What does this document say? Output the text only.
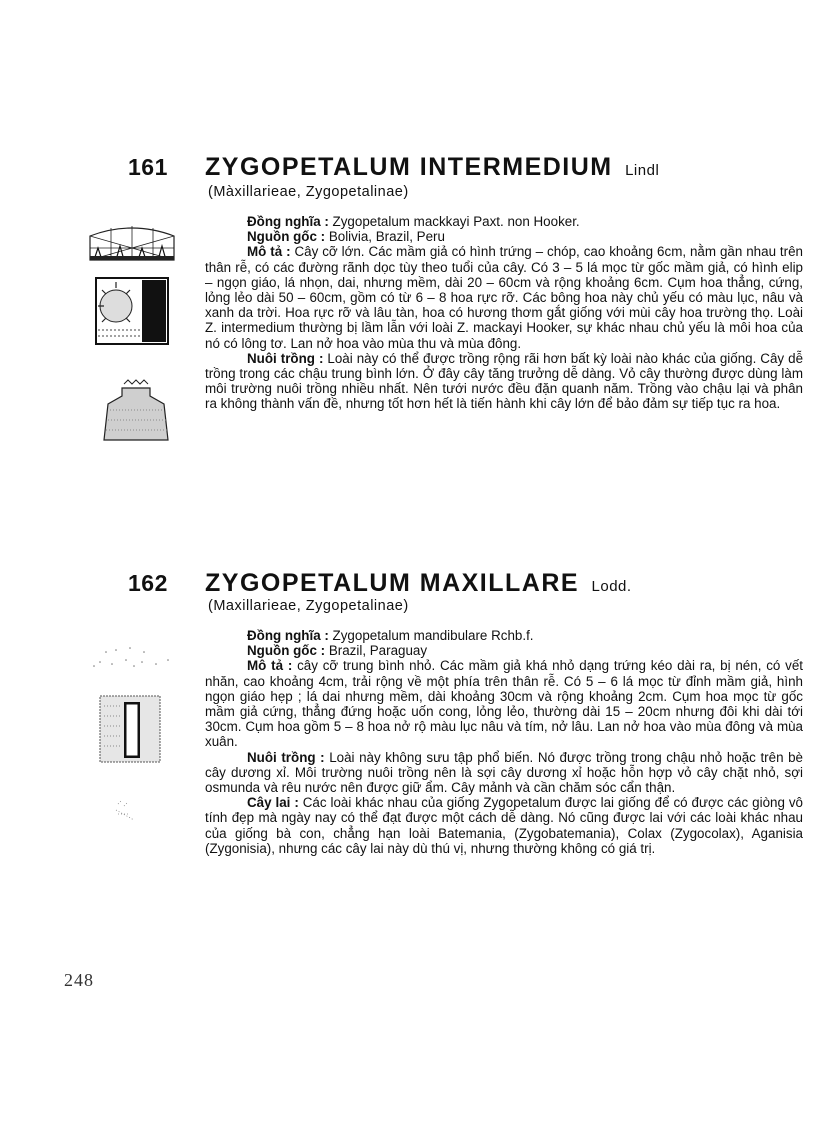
161 ZYGOPETALUM INTERMEDIUM Lindl
(Màxillarieae, Zygopetalinae)

Đồng nghĩa : Zygopetalum mackkayi Paxt. non Hooker.

Nguồn gốc : Bolivia, Brazil, Peru

Mô tả : Cây cỡ lớn. Các mầm giả có hình trứng – chóp, cao khoảng 6cm, nằm gần nhau trên thân rễ, có các đường rãnh dọc tùy theo tuổi của cây. Có 3 – 5 lá mọc từ gốc mầm giả, có hình elip – ngọn giáo, lá nhọn, dai, nhưng mềm, dài 20 – 60cm và rộng khoảng 6cm. Cụm hoa thẳng, cứng, lỏng lẻo dài 50 – 60cm, gồm có từ 6 – 8 hoa rực rỡ. Các bông hoa này chủ yếu có màu lục, nâu và xanh da trời. Hoa rực rỡ và lâu tàn, hoa có hương thơm gắt giống với mùi cây hoa trường thọ. Loài Z. intermedium thường bị lầm lẫn với loài Z. mackayi Hooker, sự khác nhau chủ yếu là môi hoa của nó có lông tơ. Lan nở hoa vào mùa thu và mùa đông.

Nuôi trồng : Loài này có thể được trồng rộng rãi hơn bất kỳ loài nào khác của giống. Cây dễ trồng trong các chậu trung bình lớn. Ở đây cây tăng trưởng dễ dàng. Vỏ cây thường được dùng làm môi trường nuôi trồng nhiều nhất. Nên tưới nước đều đặn quanh năm. Trồng vào chậu lại và phân ra không thành vấn đề, nhưng tốt hơn hết là tiến hành khi cây lớn để bảo đảm sự tiếp tục ra hoa.

162 ZYGOPETALUM MAXILLARE Lodd.
(Maxillarieae, Zygopetalinae)

Đồng nghĩa : Zygopetalum mandibulare Rchb.f.

Nguồn gốc : Brazil, Paraguay

Mô tả : cây cỡ trung bình nhỏ. Các mầm giả khá nhỏ dạng trứng kéo dài ra, bị nén, có vết nhăn, cao khoảng 4cm, trải rộng về một phía trên thân rễ. Có 5 – 6 lá mọc từ đỉnh mầm giả, hình ngọn giáo hẹp ; lá dai nhưng mềm, dài khoảng 30cm và rộng khoảng 2cm. Cụm hoa mọc từ gốc mầm giả cứng, thẳng đứng hoặc uốn cong, lỏng lẻo, thường dài 15 – 20cm nhưng đôi khi dài tới 30cm. Cụm hoa gồm 5 – 8 hoa nở rộ màu lục nâu và tím, nở lâu. Lan nở hoa vào mùa đông và mùa xuân.

Nuôi trồng : Loài này không sưu tập phổ biến. Nó được trồng trong chậu nhỏ hoặc trên bè cây dương xỉ. Môi trường nuôi trồng nên là sợi cây dương xỉ hoặc hỗn hợp vỏ cây chặt nhỏ, sợi osmunda và rêu nước nên được giữ ẩm. Cây mảnh và cần chăm sóc cẩn thận.

Cây lai : Các loài khác nhau của giống Zygopetalum được lai giống để có được các giòng vô tính đẹp mà ngày nay có thể đạt được một cách dễ dàng. Nó cũng được lai với các loài khác nhau của giống bà con, chẳng hạn loài Batemania, (Zygobatemania), Colax (Zygocolax), Aganisia (Zygonisia), nhưng các cây lai này dù thú vị, nhưng thường không có giá trị.

248
